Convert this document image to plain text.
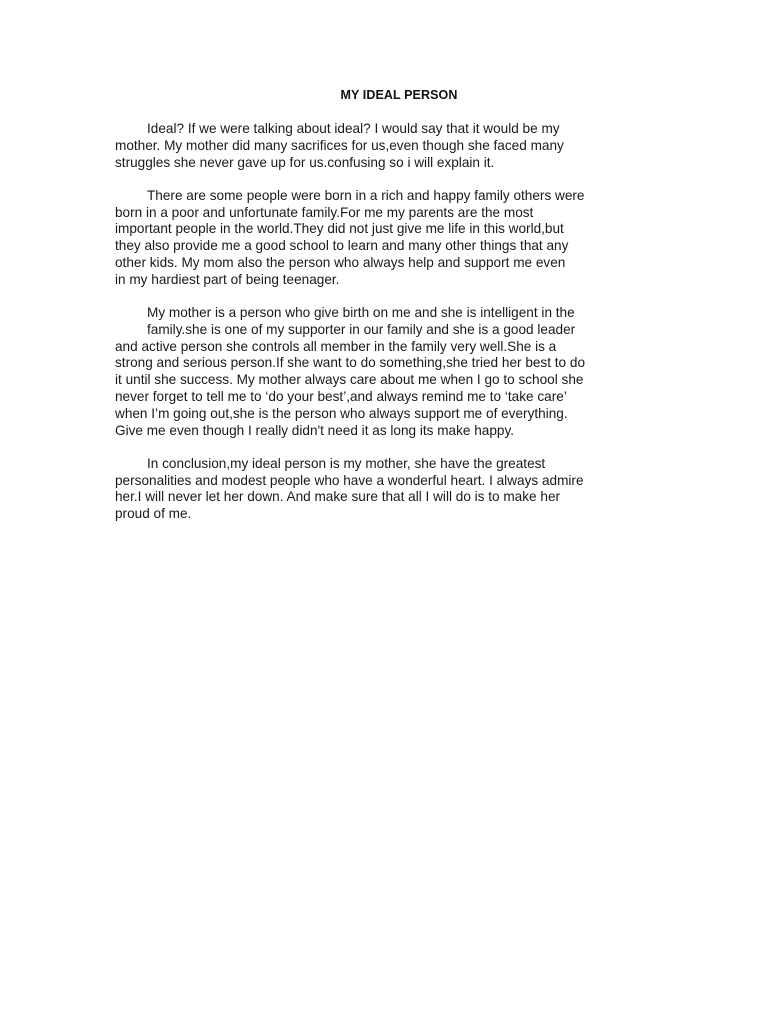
MY IDEAL PERSON

Ideal? If we were talking about ideal? I would say that it would be my
mother. My mother did many sacrifices for us,even though she faced many
struggles she never gave up for us.confusing so i will explain it.

There are some people were born in a rich and happy family others were
born in a poor and unfortunate family.For me my parents are the most
important people in the world.They did not just give me life in this world,but
they also provide me a good school to learn and many other things that any
other kids. My mom also the person who always help and support me even
in my hardiest part of being teenager.

My mother is a person who give birth on me and she is intelligent in the
family.she is one of my supporter in our family and she is a good leader
and active person she controls all member in the family very well.She is a
strong and serious person.If she want to do something,she tried her best to do
it until she success. My mother always care about me when I go to school she
never forget to tell me to ‘do your best’,and always remind me to ‘take care’
when I’m going out,she is the person who always support me of everything.
Give me even though I really didn't need it as long its make happy.

In conclusion,my ideal person is my mother, she have the greatest
personalities and modest people who have a wonderful heart. I always admire
her.I will never let her down. And make sure that all I will do is to make her
proud of me.
